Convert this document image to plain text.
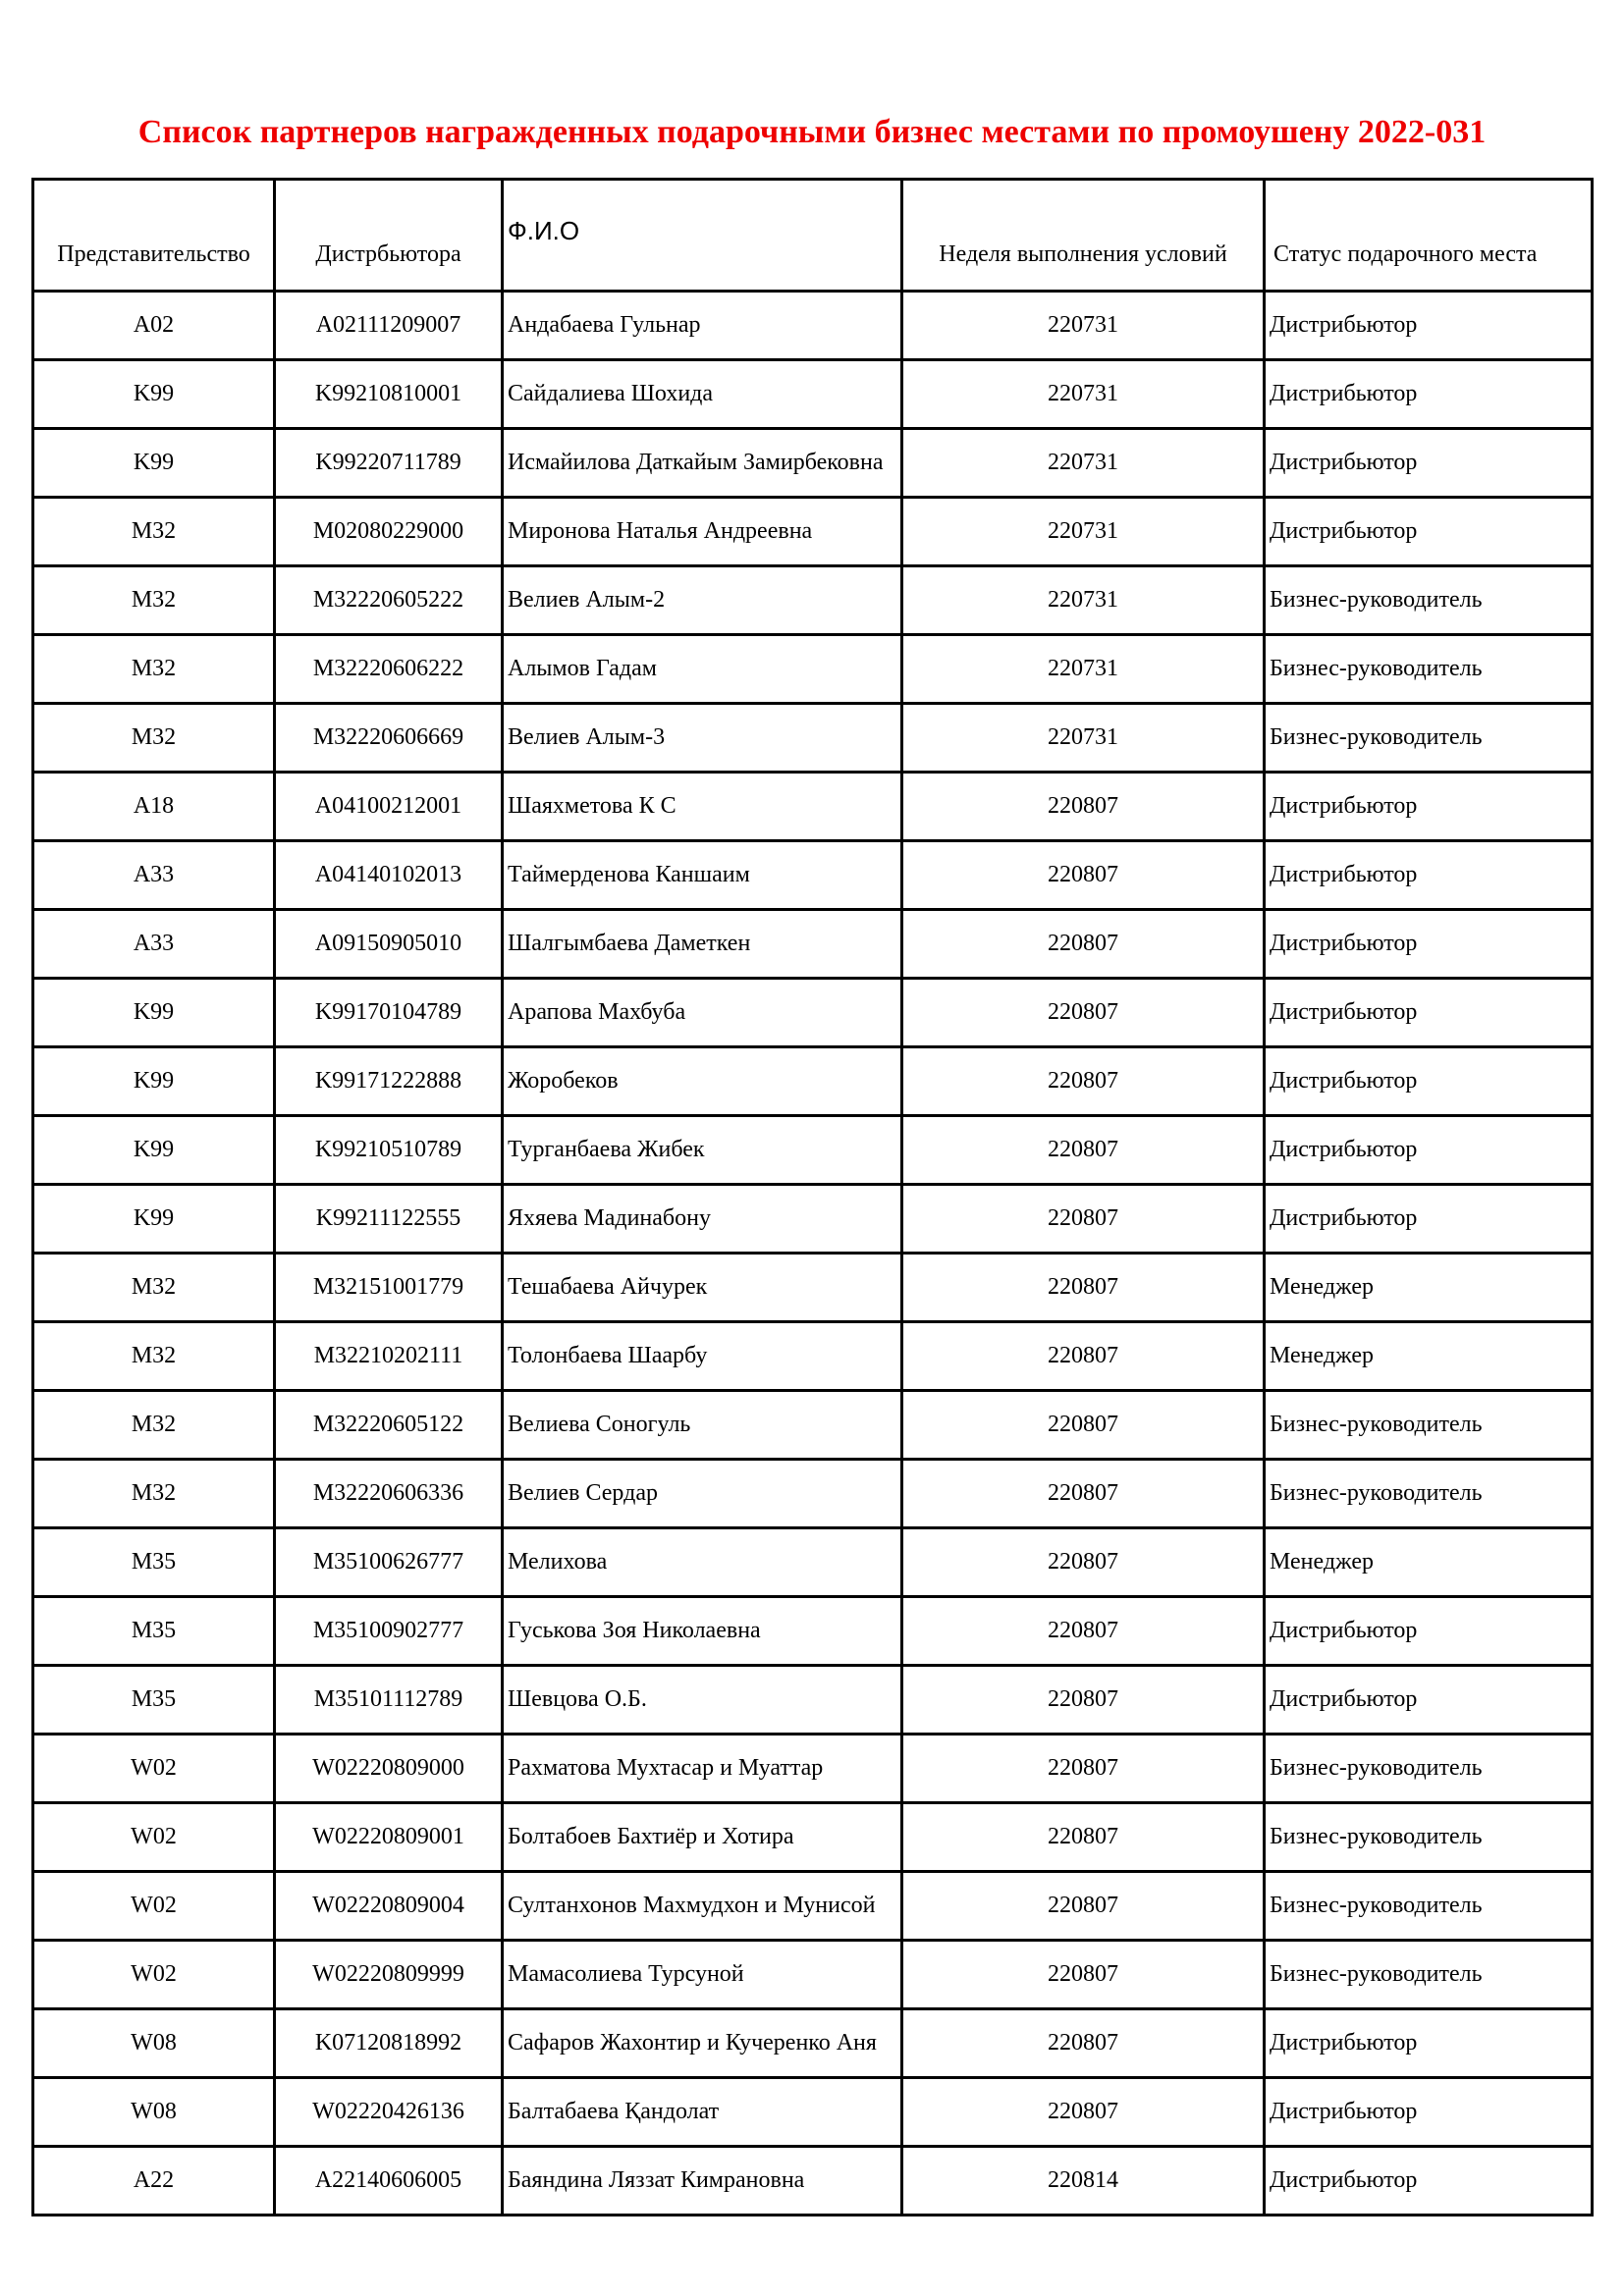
Список партнеров награжденных подарочными бизнес местами по промоушену 2022-031
Представительство	Дистрбьютора	Ф.И.О	Неделя выполнения условий	Статус подарочного места
A02	A02111209007	Андабаева Гульнар	220731	Дистрибьютор
K99	K99210810001	Сайдалиева Шохида	220731	Дистрибьютор
K99	K99220711789	Исмайилова Даткайым Замирбековна	220731	Дистрибьютор
M32	M02080229000	Миронова Наталья Андреевна	220731	Дистрибьютор
M32	M32220605222	Велиев Алым-2	220731	Бизнес-руководитель
M32	M32220606222	Алымов Гадам	220731	Бизнес-руководитель
M32	M32220606669	Велиев Алым-3	220731	Бизнес-руководитель
A18	A04100212001	Шаяхметова К С	220807	Дистрибьютор
A33	A04140102013	Таймерденова Каншаим	220807	Дистрибьютор
A33	A09150905010	Шалгымбаева Даметкен	220807	Дистрибьютор
K99	K99170104789	Арапова Махбуба	220807	Дистрибьютор
K99	K99171222888	Жоробеков	220807	Дистрибьютор
K99	K99210510789	Турганбаева Жибек	220807	Дистрибьютор
K99	K99211122555	Яхяева Мадинабону	220807	Дистрибьютор
M32	M32151001779	Тешабаева Айчурек	220807	Менеджер
M32	M32210202111	Толонбаева Шаарбу	220807	Менеджер
M32	M32220605122	Велиева Соногуль	220807	Бизнес-руководитель
M32	M32220606336	Велиев Сердар	220807	Бизнес-руководитель
M35	M35100626777	Мелихова	220807	Менеджер
M35	M35100902777	Гуськова Зоя Николаевна	220807	Дистрибьютор
M35	M35101112789	Шевцова О.Б.	220807	Дистрибьютор
W02	W02220809000	Рахматова Мухтасар и Муаттар	220807	Бизнес-руководитель
W02	W02220809001	Болтабоев Бахтиёр и Хотира	220807	Бизнес-руководитель
W02	W02220809004	Султанхонов Махмудхон и Мунисой	220807	Бизнес-руководитель
W02	W02220809999	Мамасолиева Турсуной	220807	Бизнес-руководитель
W08	K07120818992	Сафаров Жахонтир и Кучеренко Аня	220807	Дистрибьютор
W08	W02220426136	Балтабаева Қандолат	220807	Дистрибьютор
A22	A22140606005	Баяндина Ляззат Кимрановна	220814	Дистрибьютор
